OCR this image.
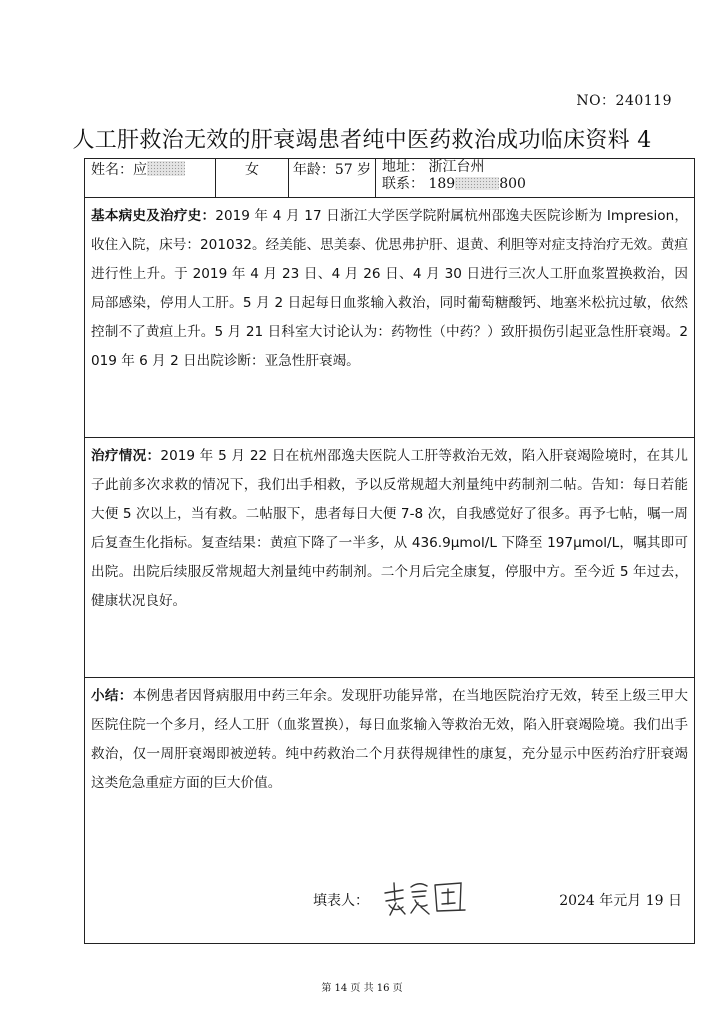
NO：240119
人工肝救治无效的肝衰竭患者纯中医药救治成功临床资料 4
姓名：应	女	年龄：57 岁	地址： 浙江台州
联系： 189	800

基本病史及治疗史：2019 年 4 月 17 日浙江大学医学院附属杭州邵逸夫医院诊断为 Impresion，收住入院，床号：201032。经美能、思美泰、优思弗护肝、退黄、利胆等对症支持治疗无效。黄疸进行性上升。于 2019 年 4 月 23 日、4 月 26 日、4 月 30 日进行三次人工肝血浆置换救治，因局部感染，停用人工肝。5 月 2 日起每日血浆输入救治，同时葡萄糖酸钙、地塞米松抗过敏，依然控制不了黄疸上升。5 月 21 日科室大讨论认为：药物性（中药？）致肝损伤引起亚急性肝衰竭。2019 年 6 月 2 日出院诊断：亚急性肝衰竭。
治疗情况：2019 年 5 月 22 日在杭州邵逸夫医院人工肝等救治无效，陷入肝衰竭险境时，在其儿子此前多次求救的情况下，我们出手相救，予以反常规超大剂量纯中药制剂二帖。告知：每日若能大便 5 次以上，当有救。二帖服下，患者每日大便 7-8 次，自我感觉好了很多。再予七帖，嘱一周后复查生化指标。复查结果：黄疸下降了一半多，从 436.9μmol/L 下降至 197μmol/L，嘱其即可出院。出院后续服反常规超大剂量纯中药制剂。二个月后完全康复，停服中方。至今近 5 年过去，健康状况良好。
小结：本例患者因肾病服用中药三年余。发现肝功能异常，在当地医院治疗无效，转至上级三甲大医院住院一个多月，经人工肝（血浆置换），每日血浆输入等救治无效，陷入肝衰竭险境。我们出手救治，仅一周肝衰竭即被逆转。纯中药救治二个月获得规律性的康复，充分显示中医药治疗肝衰竭这类危急重症方面的巨大价值。

填表人：	2024 年元月 19 日
第 14 页 共 16 页
